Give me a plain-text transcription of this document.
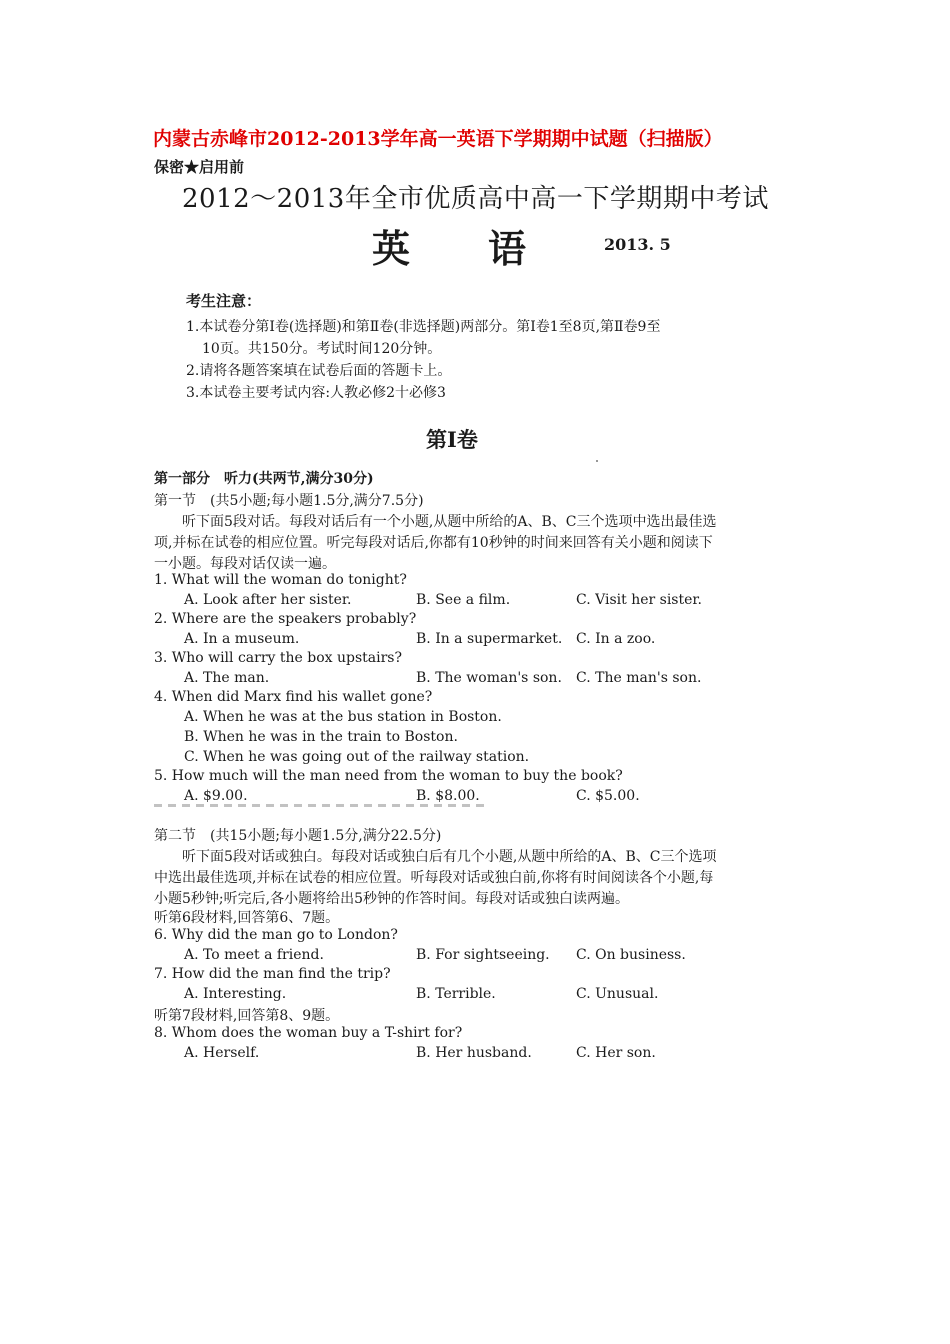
内蒙古赤峰市2012-2013学年高一英语下学期期中试题（扫描版）
保密★启用前
2012～2013年全市优质高中高一下学期期中考试
英 语	2013. 5
考生注意：
1.本试卷分第Ⅰ卷(选择题)和第Ⅱ卷(非选择题)两部分。第Ⅰ卷1至8页,第Ⅱ卷9至
10页。共150分。考试时间120分钟。
2.请将各题答案填在试卷后面的答题卡上。
3.本试卷主要考试内容:人教必修2十必修3
第Ⅰ卷
第一部分　听力(共两节,满分30分)
第一节　(共5小题;每小题1.5分,满分7.5分)
听下面5段对话。每段对话后有一个小题,从题中所给的A、B、C三个选项中选出最佳选
项,并标在试卷的相应位置。听完每段对话后,你都有10秒钟的时间来回答有关小题和阅读下
一小题。每段对话仅读一遍。
1. What will the woman do tonight?
A. Look after her sister.	B. See a film.	C. Visit her sister.
2. Where are the speakers probably?
A. In a museum.	B. In a supermarket. C. In a zoo.
3. Who will carry the box upstairs?
A. The man.	B. The woman's son. C. The man's son.
4. When did Marx find his wallet gone?
A. When he was at the bus station in Boston.
B. When he was in the train to Boston.
C. When he was going out of the railway station.
5. How much will the man need from the woman to buy the book?
A. $9.00.	B. $8.00.	C. $5.00.
第二节　(共15小题;每小题1.5分,满分22.5分)
听下面5段对话或独白。每段对话或独白后有几个小题,从题中所给的A、B、C三个选项
中选出最佳选项,并标在试卷的相应位置。听每段对话或独白前,你将有时间阅读各个小题,每
小题5秒钟;听完后,各小题将给出5秒钟的作答时间。每段对话或独白读两遍。
听第6段材料,回答第6、7题。
6. Why did the man go to London?
A. To meet a friend.	B. For sightseeing. C. On business.
7. How did the man find the trip?
A. Interesting.	B. Terrible.	C. Unusual.
听第7段材料,回答第8、9题。
8. Whom does the woman buy a T-shirt for?
A. Herself.	B. Her husband.	C. Her son.
